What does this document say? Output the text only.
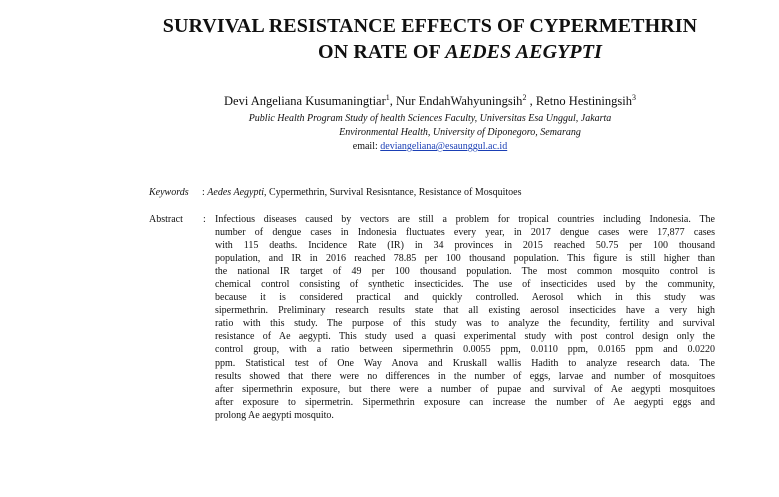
SURVIVAL RESISTANCE EFFECTS OF CYPERMETHRIN
ON RATE OF AEDES AEGYPTI
Devi Angeliana Kusumaningtiar$^1$, Nur EndahWahyuningsih$^2$ , Retno Hestiningsih$^3$
Public Health Program Study of health Sciences Faculty, Universitas Esa Unggul, Jakarta
Environmental Health, University of Diponegoro, Semarang
email: deviangeliana@esaunggul.ac.id
Keywords : Aedes Aegypti, Cypermethrin, Survival Resisntance, Resistance of Mosquitoes
Abstract : Infectious diseases caused by vectors are still a problem for tropical countries including Indonesia. The
number of dengue cases in Indonesia fluctuates every year, in 2017 dengue cases were 17,877 cases
with 115 deaths. Incidence Rate (IR) in 34 provinces in 2015 reached 50.75 per 100 thousand
population, and IR in 2016 reached 78.85 per 100 thousand population. This figure is still higher than
the national IR target of 49 per 100 thousand population. The most common mosquito control is
chemical control consisting of synthetic insecticides. The use of insecticides used by the community,
because it is considered practical and quickly controlled. Aerosol which in this study was
sipermethrin. Preliminary research results state that all existing aerosol insecticides have a very high
ratio with this study. The purpose of this study was to analyze the fecundity, fertility and survival
resistance of Ae aegypti. This study used a quasi experimental study with post control design only the
control group, with a ratio between sipermethrin 0.0055 ppm, 0.0110 ppm, 0.0165 ppm and 0.0220
ppm. Statistical test of One Way Anova and Kruskall wallis Hadith to analyze research data. The
results showed that there were no differences in the number of eggs, larvae and number of mosquitoes
after sipermethrin exposure, but there were a number of pupae and survival of Ae aegypti mosquitoes
after exposure to sipermetrin. Sipermethrin exposure can increase the number of Ae aegypti eggs and
prolong Ae aegypti mosquito.
